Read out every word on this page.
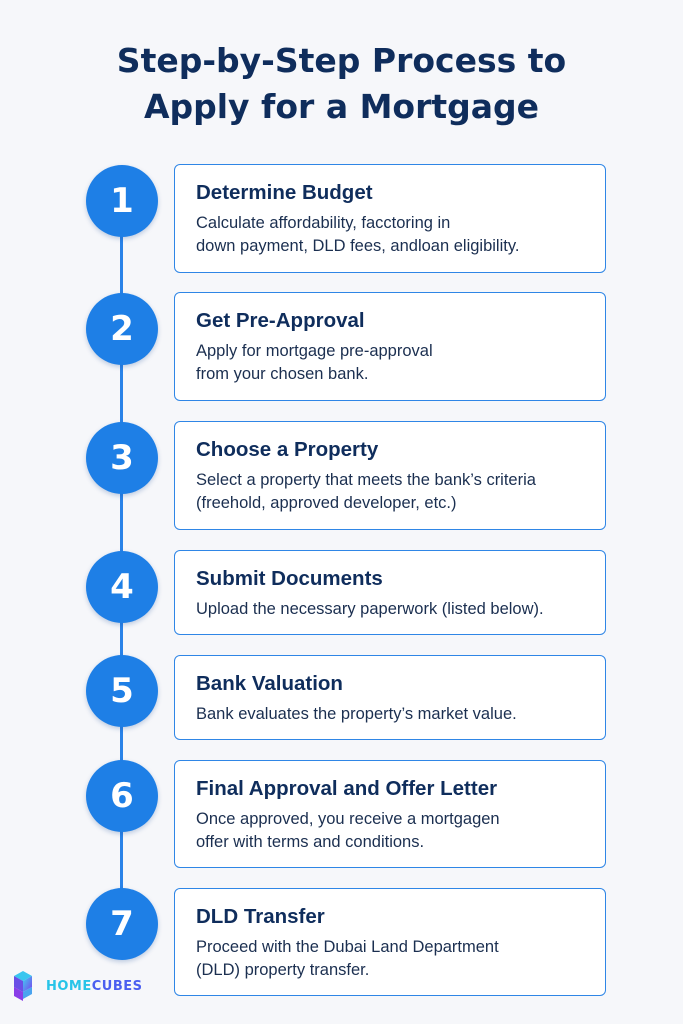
Step-by-Step Process to
Apply for a Mortgage
1	Determine Budget
Calculate affordability, facctoring in
down payment, DLD fees, andloan eligibility.
2	Get Pre-Approval
Apply for mortgage pre-approval
from your chosen bank.
3	Choose a Property
Select a property that meets the bank’s criteria
(freehold, approved developer, etc.)
4	Submit Documents
Upload the necessary paperwork (listed below).
5	Bank Valuation
Bank evaluates the property’s market value.
6	Final Approval and Offer Letter
Once approved, you receive a mortgagen
offer with terms and conditions.
7	DLD Transfer
Proceed with the Dubai Land Department
(DLD) property transfer.
HOMECUBES
